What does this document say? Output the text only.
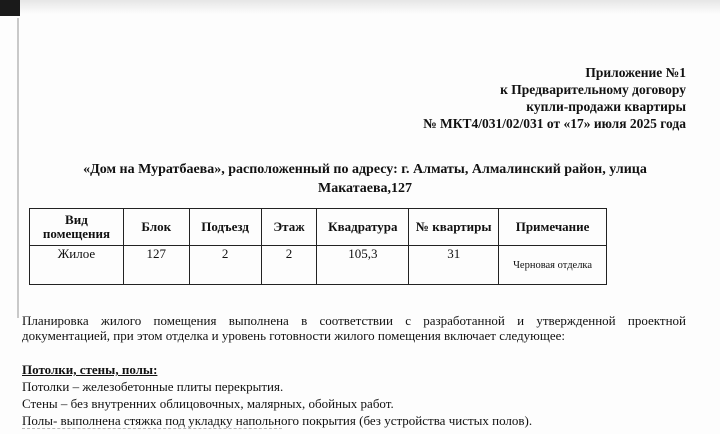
Приложение №1
к Предварительному договору
купли-продажи квартиры
№ МКТ4/031/02/031 от «17» июля 2025 года
«Дом на Муратбаева», расположенный по адресу: г. Алматы, Алмалинский район, улица
Макатаева,127
Вид помещения	Блок	Подъезд	Этаж	Квадратура	№ квартиры	Примечание
Жилое	127	2	2	105,3	31	Черновая отделка
Планировка жилого помещения выполнена в соответствии с разработанной и утвержденной проектной документацией, при этом отделка и уровень готовности жилого помещения включает следующее:
Потолки, стены, полы:
Потолки – железобетонные плиты перекрытия.
Стены – без внутренних облицовочных, малярных, обойных работ.
Полы- выполнена стяжка под укладку напольного покрытия (без устройства чистых полов).
